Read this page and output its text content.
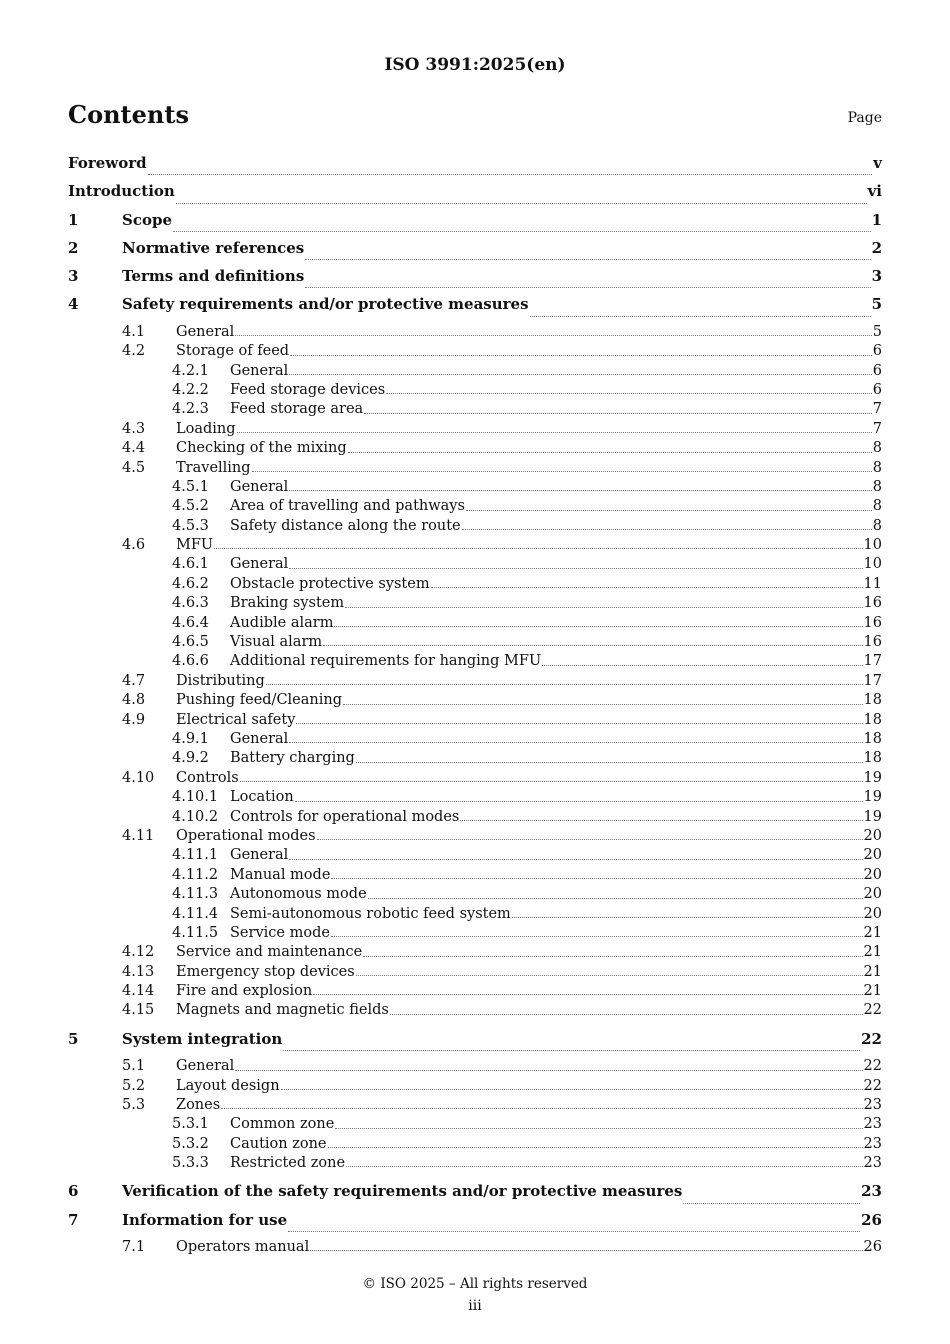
ISO 3991:2025(en)
Contents	Page
Foreword	v
Introduction	vi
1	Scope	1
2	Normative references	2
3	Terms and definitions	3
4	Safety requirements and/or protective measures	5
4.1	General	5
4.2	Storage of feed	6
4.2.1	General	6
4.2.2	Feed storage devices	6
4.2.3	Feed storage area	7
4.3	Loading	7
4.4	Checking of the mixing	8
4.5	Travelling	8
4.5.1	General	8
4.5.2	Area of travelling and pathways	8
4.5.3	Safety distance along the route	8
4.6	MFU	10
4.6.1	General	10
4.6.2	Obstacle protective system	11
4.6.3	Braking system	16
4.6.4	Audible alarm	16
4.6.5	Visual alarm	16
4.6.6	Additional requirements for hanging MFU	17
4.7	Distributing	17
4.8	Pushing feed/Cleaning	18
4.9	Electrical safety	18
4.9.1	General	18
4.9.2	Battery charging	18
4.10	Controls	19
4.10.1 Location	19
4.10.2 Controls for operational modes	19
4.11	Operational modes	20
4.11.1 General	20
4.11.2 Manual mode	20
4.11.3 Autonomous mode	20
4.11.4 Semi-autonomous robotic feed system	20
4.11.5 Service mode	21
4.12	Service and maintenance	21
4.13	Emergency stop devices	21
4.14	Fire and explosion	21
4.15	Magnets and magnetic fields	22
5	System integration	22
5.1	General	22
5.2	Layout design	22
5.3	Zones	23
5.3.1	Common zone	23
5.3.2	Caution zone	23
5.3.3	Restricted zone	23
6	Verification of the safety requirements and/or protective measures	23
7	Information for use	26
7.1	Operators manual	26
© ISO 2025 – All rights reserved
iii
